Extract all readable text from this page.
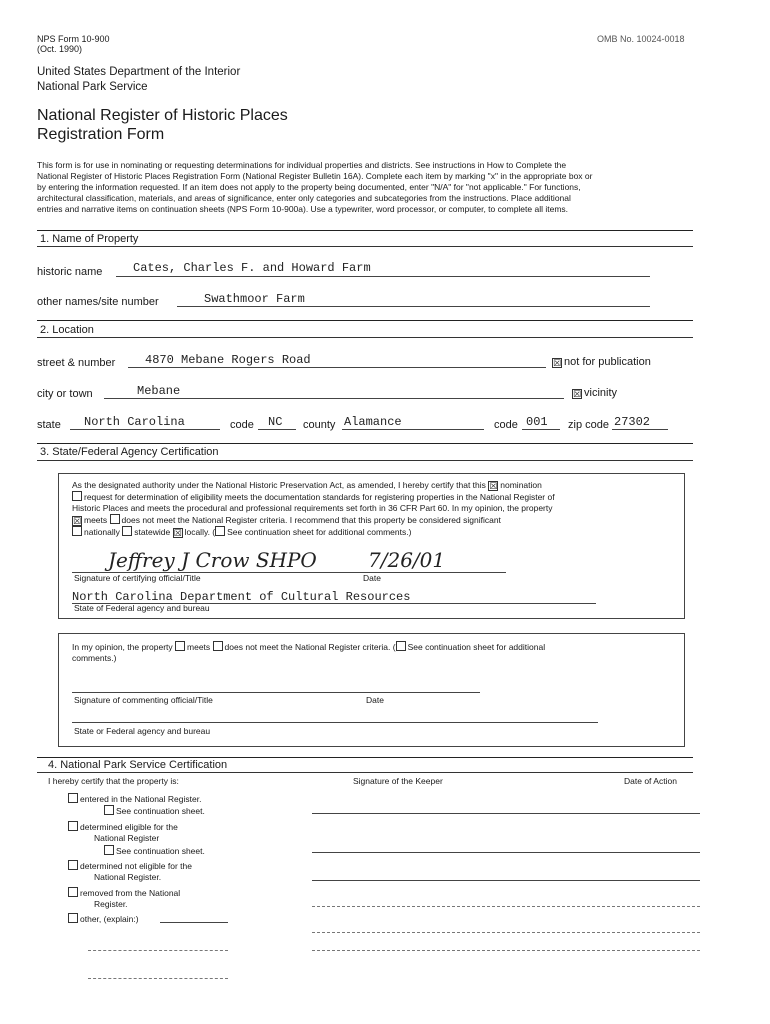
NPS Form 10-900
(Oct. 1990)
OMB No. 10024-0018
United States Department of the Interior
National Park Service
National Register of Historic Places
Registration Form
This form is for use in nominating or requesting determinations for individual properties and districts. See instructions in How to Complete the
National Register of Historic Places Registration Form (National Register Bulletin 16A). Complete each item by marking "x" in the appropriate box or
by entering the information requested. If an item does not apply to the property being documented, enter "N/A" for "not applicable." For functions,
architectural classification, materials, and areas of significance, enter only categories and subcategories from the instructions. Place additional
entries and narrative items on continuation sheets (NPS Form 10-900a). Use a typewriter, word processor, or computer, to complete all items.
1. Name of Property
historic name	Cates, Charles F. and Howard Farm
other names/site number	Swathmoor Farm
2. Location
street & number 4870 Mebane Rogers Road	☒ not for publication
city or town	Mebane	☒ vicinity
state North Carolina	code NC county Alamance	code 001 zip code 27302
3. State/Federal Agency Certification
As the designated authority under the National Historic Preservation Act, as amended, I hereby certify that this ☒ nomination
request for determination of eligibility meets the documentation standards for registering properties in the National Register of
Historic Places and meets the procedural and professional requirements set forth in 36 CFR Part 60. In my opinion, the property
☒ meets does not meet the National Register criteria. I recommend that this property be considered significant
nationally statewide ☒ locally. ( See continuation sheet for additional comments.)
Jeffrey J Crow SHPO	7/26/01
Signature of certifying official/Title	Date
North Carolina Department of Cultural Resources
State of Federal agency and bureau
In my opinion, the property meets does not meet the National Register criteria. ( See continuation sheet for additional
comments.)
Signature of commenting official/Title	Date
State or Federal agency and bureau
4. National Park Service Certification
I hereby certify that the property is:	Signature of the Keeper	Date of Action
entered in the National Register.
See continuation sheet.
determined eligible for the
National Register
See continuation sheet.
determined not eligible for the
National Register.
removed from the National
Register.
other, (explain:)
